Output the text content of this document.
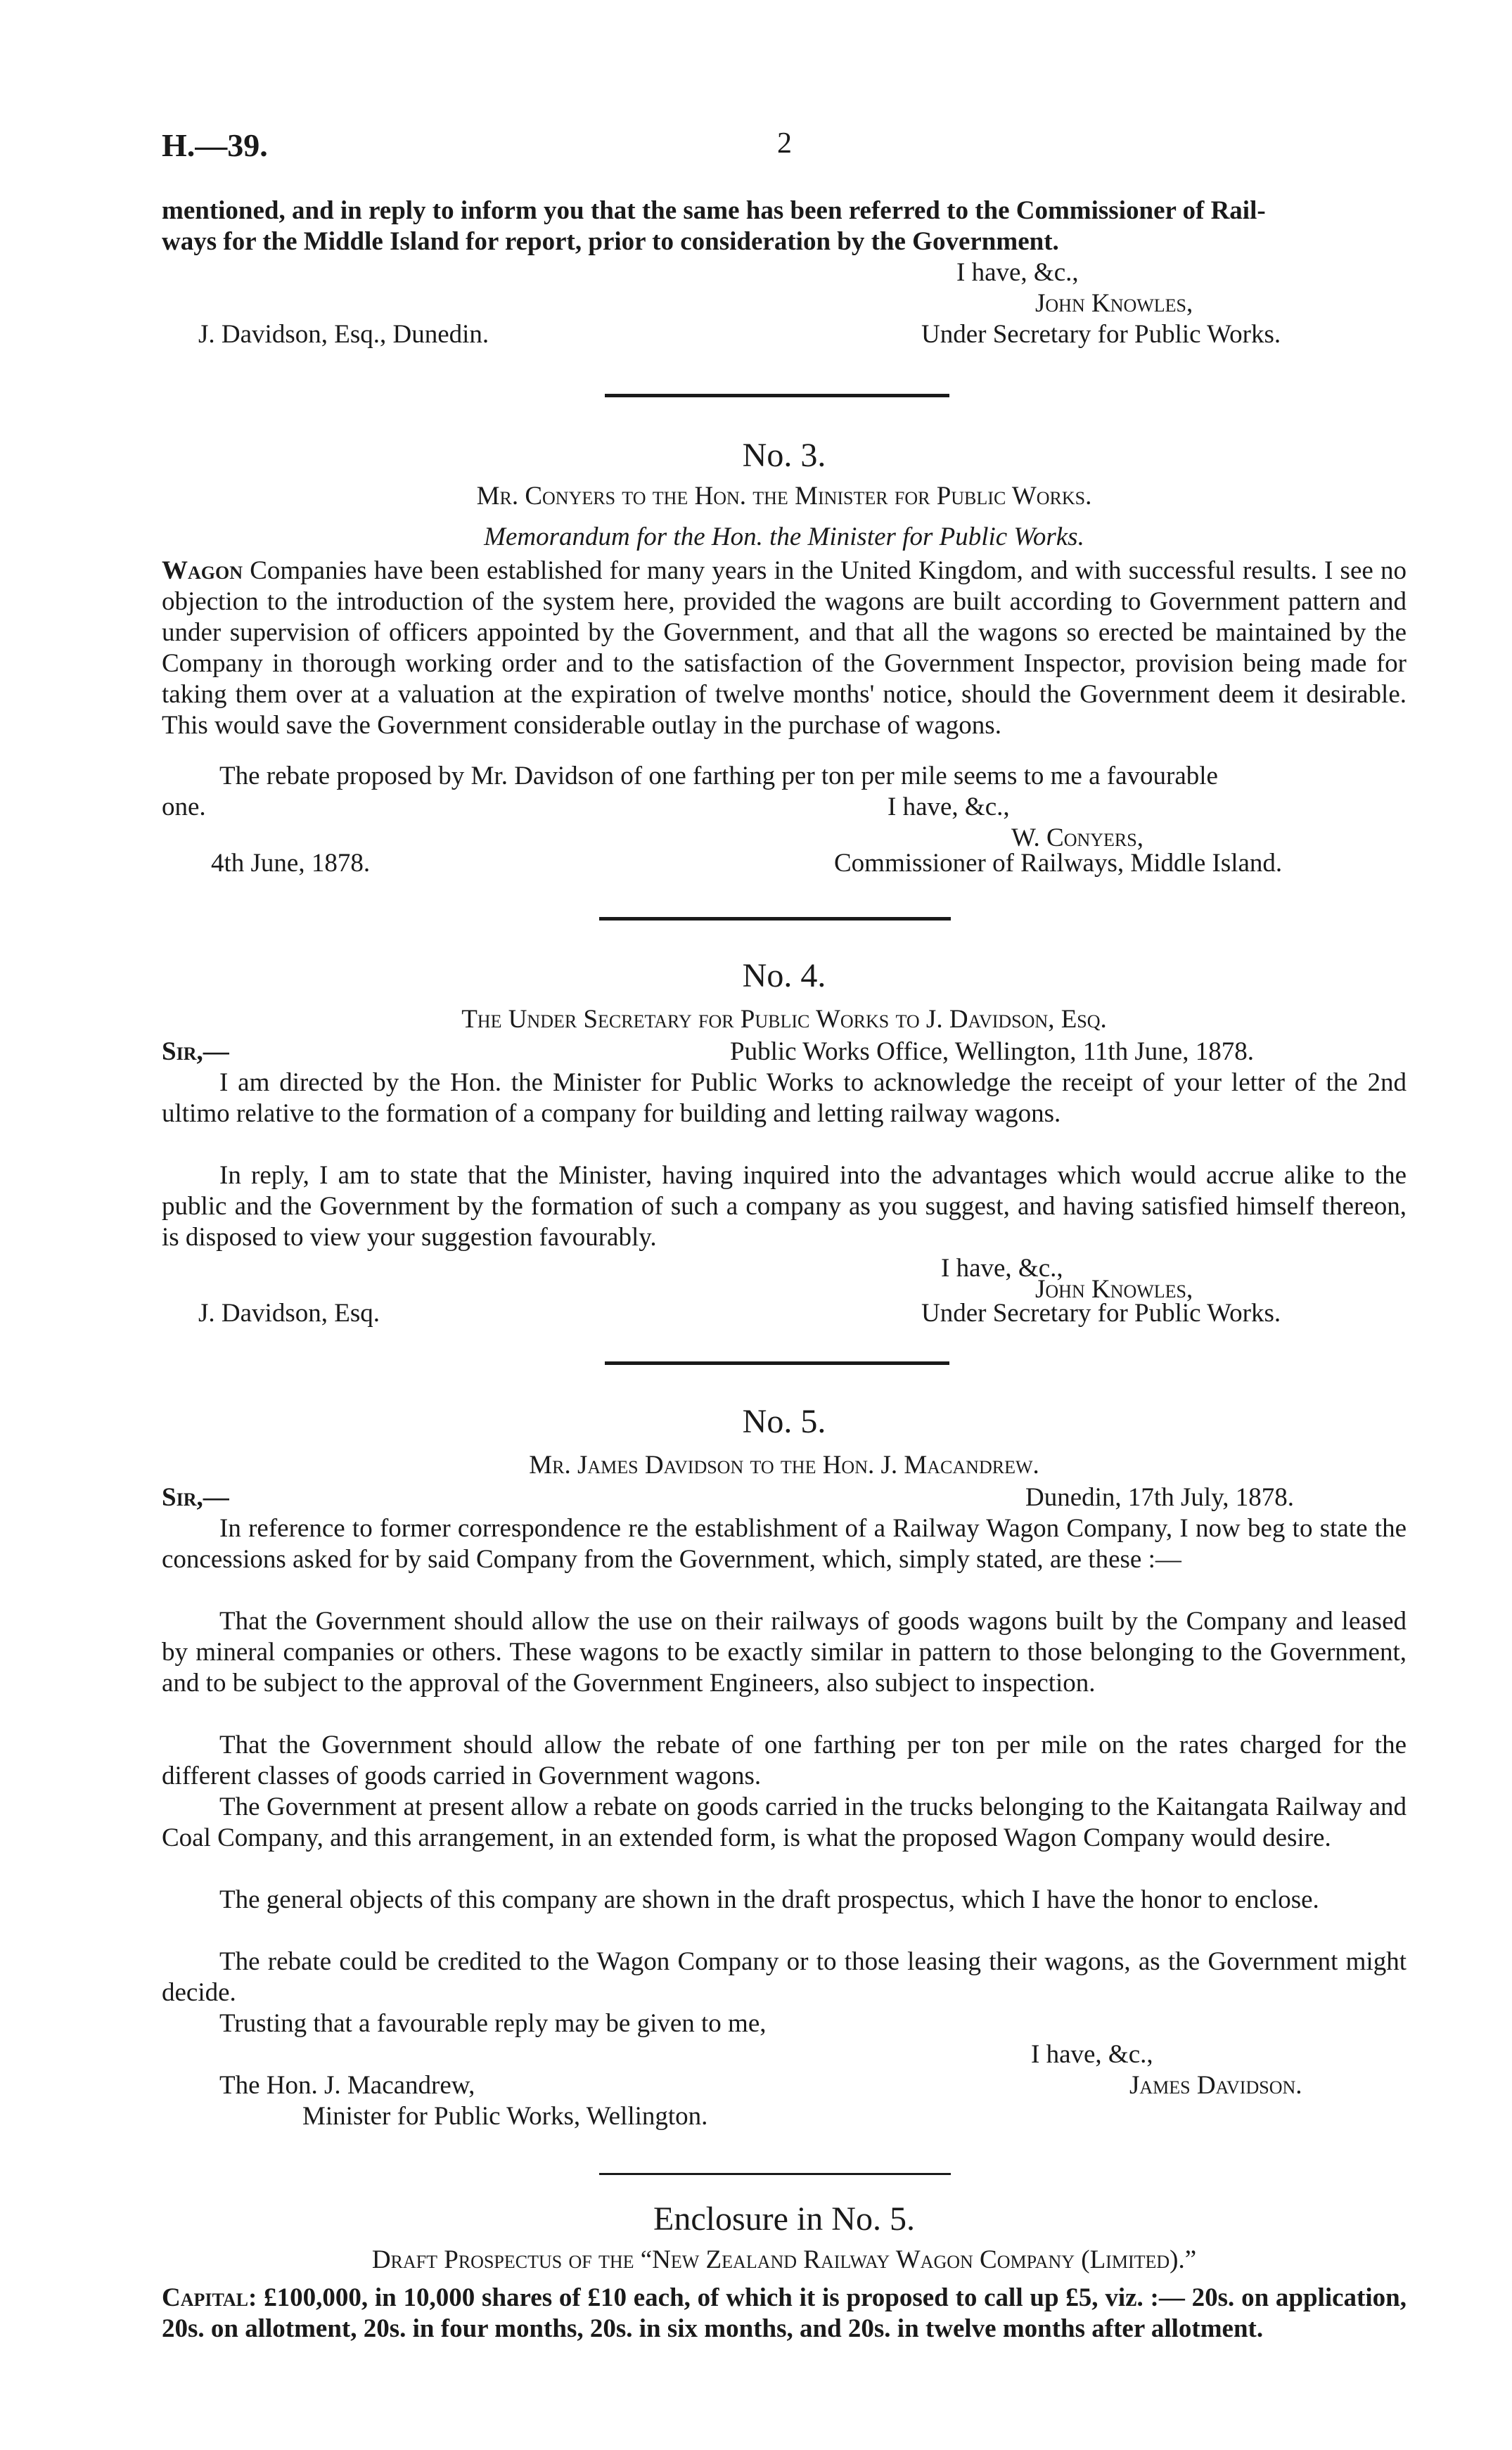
H.—39.	2
mentioned, and in reply to inform you that the same has been referred to the Commissioner of Rail-
ways for the Middle Island for report, prior to consideration by the Government.
I have, &c.,
John Knowles,
J. Davidson, Esq., Dunedin.	Under Secretary for Public Works.
No. 3.
Mr. Conyers to the Hon. the Minister for Public Works.
Memorandum for the Hon. the Minister for Public Works.

Wagon Companies have been established for many years in the United Kingdom, and with successful results. I see no objection to the introduction of the system here, provided the wagons are built according to Government pattern and under supervision of officers appointed by the Government, and that all the wagons so erected be maintained by the Company in thorough working order and to the satisfaction of the Government Inspector, provision being made for taking them over at a valuation at the expiration of twelve months' notice, should the Government deem it desirable. This would save the Government considerable outlay in the purchase of wagons.

The rebate proposed by Mr. Davidson of one farthing per ton per mile seems to me a favourable
one.	I have, &c.,
W. Conyers,
4th June, 1878.	Commissioner of Railways, Middle Island.
No. 4.
The Under Secretary for Public Works to J. Davidson, Esq.
Sir,—	Public Works Office, Wellington, 11th June, 1878.

I am directed by the Hon. the Minister for Public Works to acknowledge the receipt of your letter of the 2nd ultimo relative to the formation of a company for building and letting railway wagons.

In reply, I am to state that the Minister, having inquired into the advantages which would accrue alike to the public and the Government by the formation of such a company as you suggest, and having satisfied himself thereon, is disposed to view your suggestion favourably.

I have, &c.,
John Knowles,
J. Davidson, Esq.	Under Secretary for Public Works.
No. 5.
Mr. James Davidson to the Hon. J. Macandrew.
Sir,—	Dunedin, 17th July, 1878.

In reference to former correspondence re the establishment of a Railway Wagon Company, I now beg to state the concessions asked for by said Company from the Government, which, simply stated, are these :—

That the Government should allow the use on their railways of goods wagons built by the Company and leased by mineral companies or others. These wagons to be exactly similar in pattern to those belonging to the Government, and to be subject to the approval of the Government Engineers, also subject to inspection.

That the Government should allow the rebate of one farthing per ton per mile on the rates charged for the different classes of goods carried in Government wagons.

The Government at present allow a rebate on goods carried in the trucks belonging to the Kaitangata Railway and Coal Company, and this arrangement, in an extended form, is what the proposed Wagon Company would desire.

The general objects of this company are shown in the draft prospectus, which I have the honor to enclose.

The rebate could be credited to the Wagon Company or to those leasing their wagons, as the Government might decide.

Trusting that a favourable reply may be given to me,
I have, &c.,
The Hon. J. Macandrew,	James Davidson.
Minister for Public Works, Wellington.
Enclosure in No. 5.
Draft Prospectus of the “New Zealand Railway Wagon Company (Limited).”

Capital: £100,000, in 10,000 shares of £10 each, of which it is proposed to call up £5, viz. :— 20s. on application, 20s. on allotment, 20s. in four months, 20s. in six months, and 20s. in twelve months after allotment.
